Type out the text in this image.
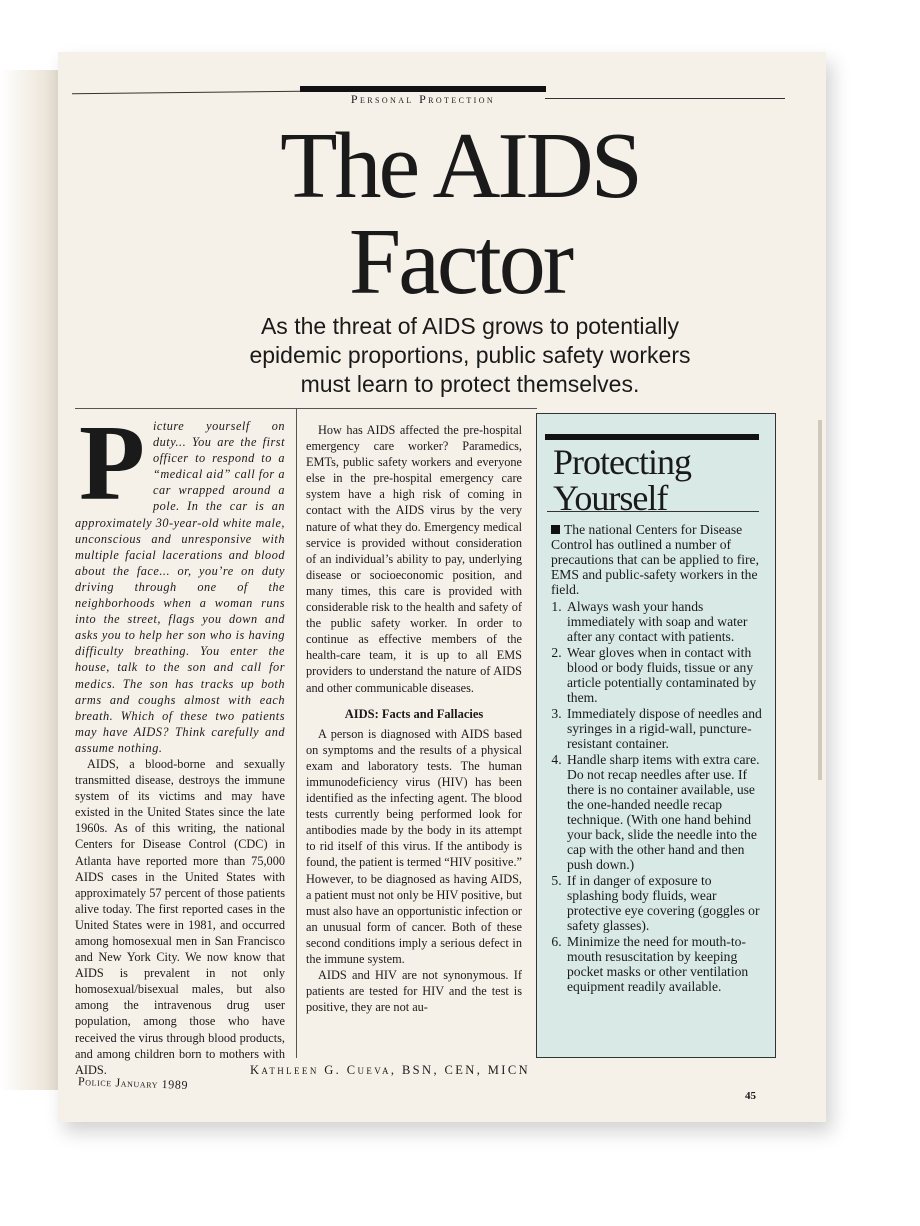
Personal Protection
The AIDS
Factor
As the threat of AIDS grows to potentially
epidemic proportions, public safety workers
must learn to protect themselves.
P icture yourself on duty... You are the first officer to respond to a “medical aid” call for a car wrapped around a pole. In the car is an approximately 30-year-old white male, unconscious and unresponsive with multiple facial lacerations and blood about the face... or, you’re on duty driving through one of the neighborhoods when a woman runs into the street, flags you down and asks you to help her son who is having difficulty breathing. You enter the house, talk to the son and call for medics. The son has tracks up both arms and coughs almost with each breath. Which of these two patients may have AIDS? Think carefully and assume nothing.

AIDS, a blood-borne and sexually transmitted disease, destroys the immune system of its victims and may have existed in the United States since the late 1960s. As of this writing, the national Centers for Disease Control (CDC) in Atlanta have reported more than 75,000 AIDS cases in the United States with approximately 57 percent of those patients alive today. The first reported cases in the United States were in 1981, and occurred among homosexual men in San Francisco and New York City. We now know that AIDS is prevalent in not only homosexual/bisexual males, but also among the intravenous drug user population, among those who have received the virus through blood products, and among children born to mothers with AIDS.

How has AIDS affected the pre-hospital emergency care worker? Paramedics, EMTs, public safety workers and everyone else in the pre-hospital emergency care system have a high risk of coming in contact with the AIDS virus by the very nature of what they do. Emergency medical service is provided without consideration of an individual’s ability to pay, underlying disease or socioeconomic position, and many times, this care is provided with considerable risk to the health and safety of the public safety worker. In order to continue as effective members of the health-care team, it is up to all EMS providers to understand the nature of AIDS and other communicable diseases.

AIDS: Facts and Fallacies

A person is diagnosed with AIDS based on symptoms and the results of a physical exam and laboratory tests. The human immunodeficiency virus (HIV) has been identified as the infecting agent. The blood tests currently being performed look for antibodies made by the body in its attempt to rid itself of this virus. If the antibody is found, the patient is termed “HIV positive.” However, to be diagnosed as having AIDS, a patient must not only be HIV positive, but must also have an opportunistic infection or an unusual form of cancer. Both of these second conditions imply a serious defect in the immune system.

AIDS and HIV are not synonymous. If patients are tested for HIV and the test is positive, they are not au-

Protecting
Yourself

The national Centers for Disease Control has outlined a number of precautions that can be applied to fire, EMS and public-safety workers in the field.

1. Always wash your hands immediately with soap and water after any contact with patients.
2. Wear gloves when in contact with blood or body fluids, tissue or any article potentially contaminated by them.
3. Immediately dispose of needles and syringes in a rigid-wall, puncture-resistant container.
4. Handle sharp items with extra care. Do not recap needles after use. If there is no container available, use the one-handed needle recap technique. (With one hand behind your back, slide the needle into the cap with the other hand and then push down.)
5. If in danger of exposure to splashing body fluids, wear protective eye covering (goggles or safety glasses).
6. Minimize the need for mouth-to-mouth resuscitation by keeping pocket masks or other ventilation equipment readily available.
Kathleen G. Cueva, BSN, CEN, MICN
Police January 1989
45
